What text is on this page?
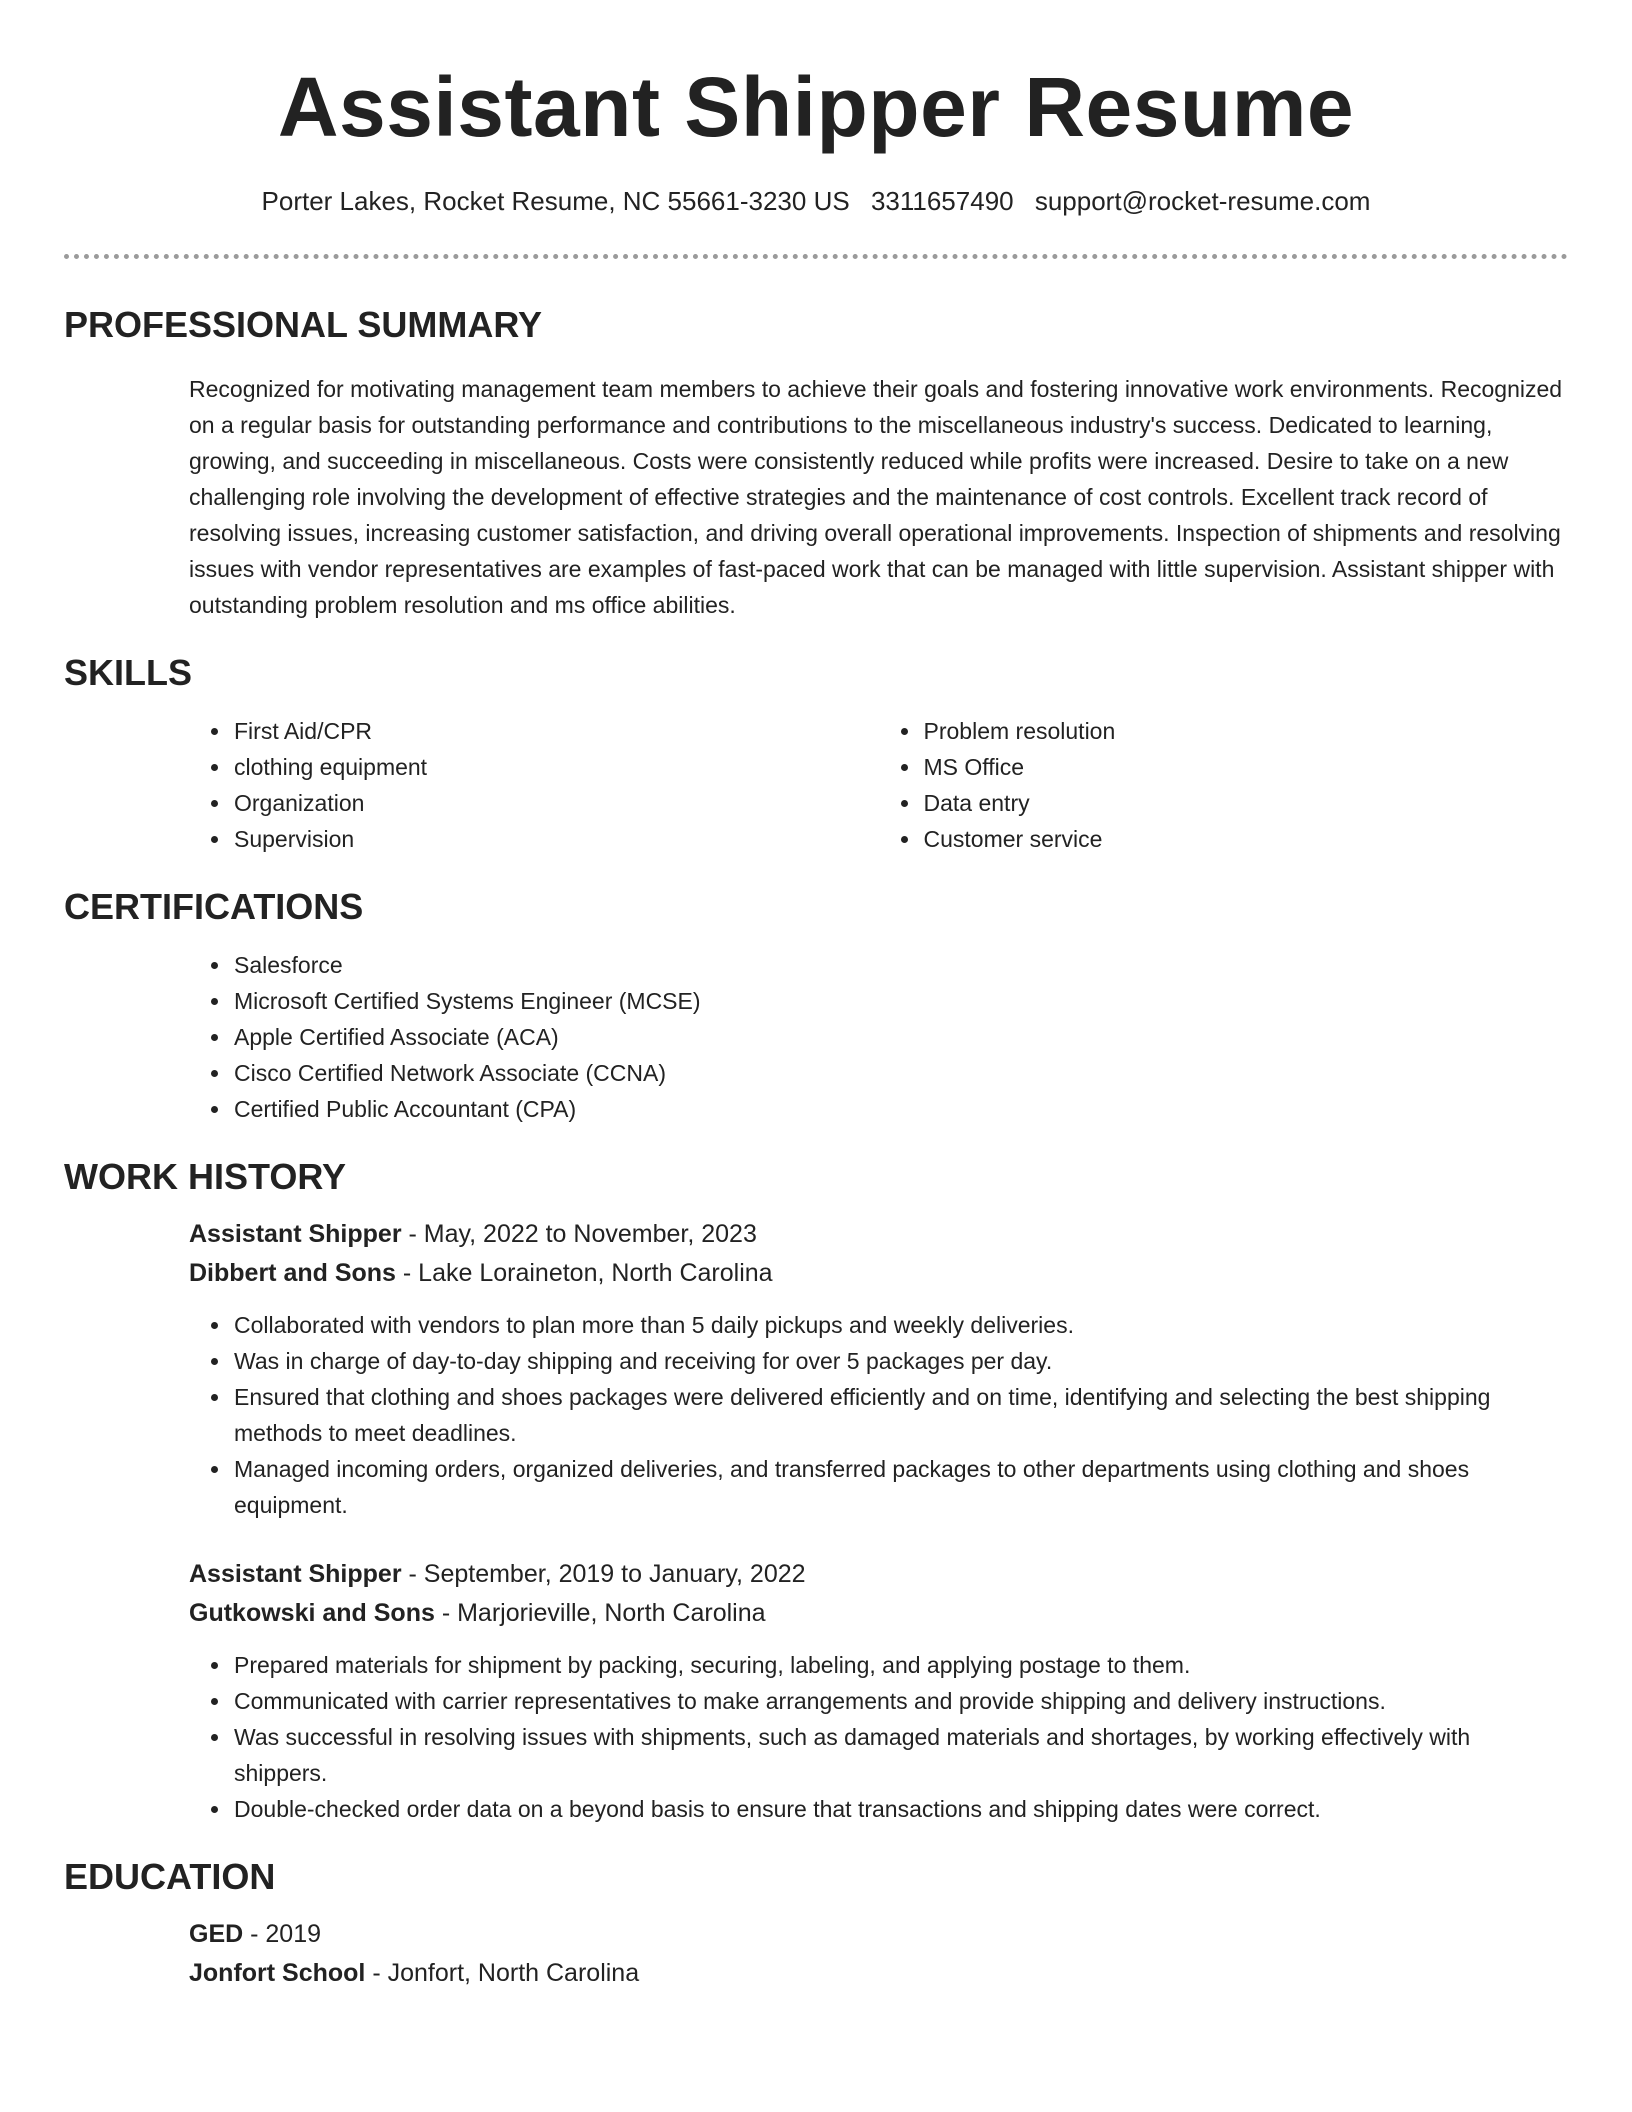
Assistant Shipper Resume
Porter Lakes, Rocket Resume, NC 55661-3230 US 3311657490 support@rocket-resume.com
PROFESSIONAL SUMMARY

Recognized for motivating management team members to achieve their goals and fostering innovative work environments. Recognized on a regular basis for outstanding performance and contributions to the miscellaneous industry's success. Dedicated to learning, growing, and succeeding in miscellaneous. Costs were consistently reduced while profits were increased. Desire to take on a new challenging role involving the development of effective strategies and the maintenance of cost controls. Excellent track record of resolving issues, increasing customer satisfaction, and driving overall operational improvements. Inspection of shipments and resolving issues with vendor representatives are examples of fast-paced work that can be managed with little supervision. Assistant shipper with outstanding problem resolution and ms office abilities.

SKILLS
• First Aid/CPR
• clothing equipment
• Organization
• Supervision
• Problem resolution
• MS Office
• Data entry
• Customer service
CERTIFICATIONS
• Salesforce
• Microsoft Certified Systems Engineer (MCSE)
• Apple Certified Associate (ACA)
• Cisco Certified Network Associate (CCNA)
• Certified Public Accountant (CPA)
WORK HISTORY
Assistant Shipper - May, 2022 to November, 2023
Dibbert and Sons - Lake Loraineton, North Carolina
• Collaborated with vendors to plan more than 5 daily pickups and weekly deliveries.
• Was in charge of day-to-day shipping and receiving for over 5 packages per day.
• Ensured that clothing and shoes packages were delivered efficiently and on time, identifying and selecting the best shipping methods to meet deadlines.
• Managed incoming orders, organized deliveries, and transferred packages to other departments using clothing and shoes equipment.
Assistant Shipper - September, 2019 to January, 2022
Gutkowski and Sons - Marjorieville, North Carolina
• Prepared materials for shipment by packing, securing, labeling, and applying postage to them.
• Communicated with carrier representatives to make arrangements and provide shipping and delivery instructions.
• Was successful in resolving issues with shipments, such as damaged materials and shortages, by working effectively with shippers.
• Double-checked order data on a beyond basis to ensure that transactions and shipping dates were correct.
EDUCATION
GED - 2019
Jonfort School - Jonfort, North Carolina
